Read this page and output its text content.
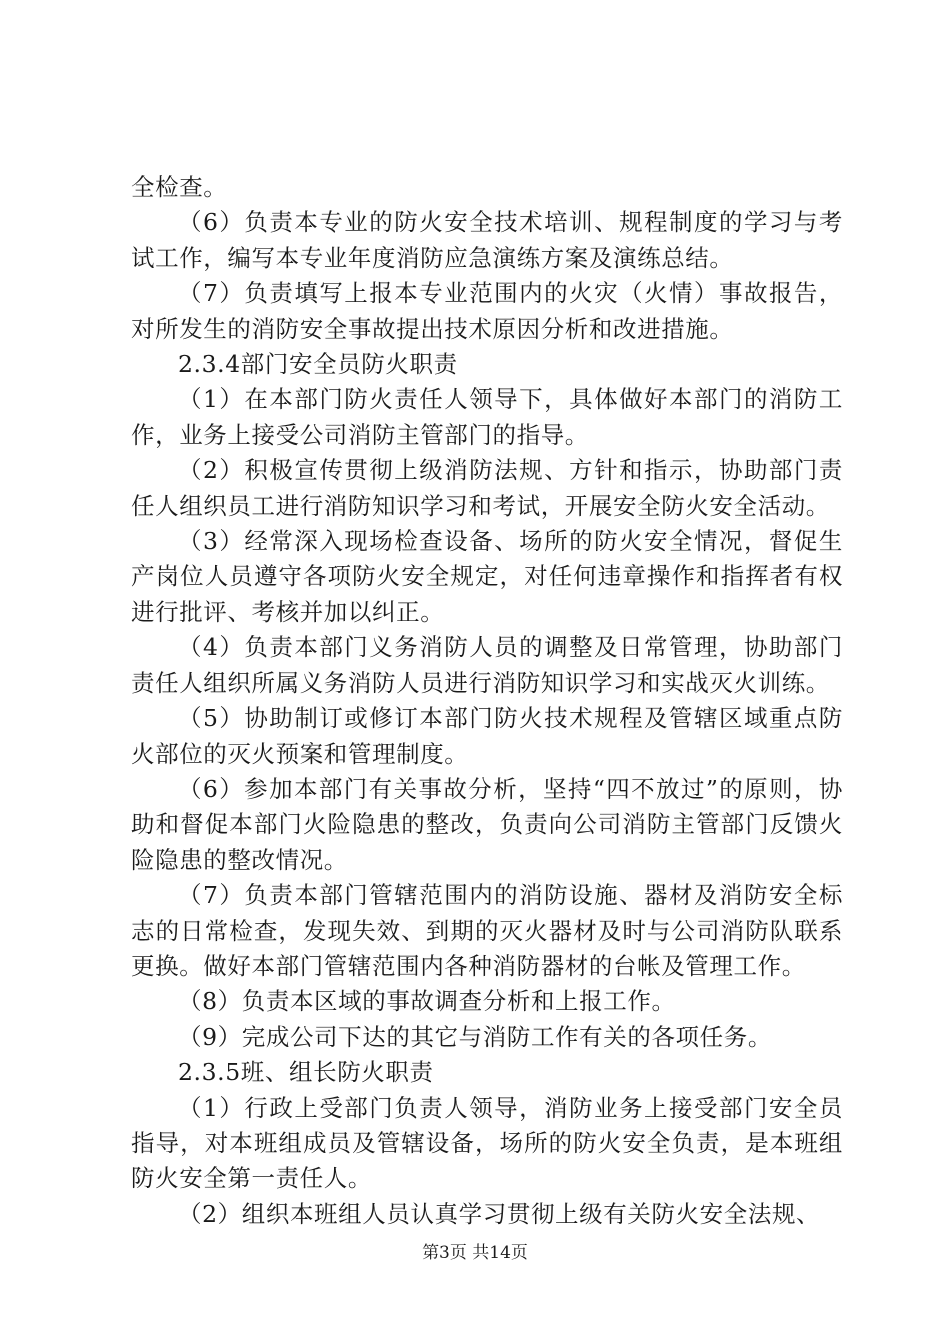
全检查。

（6）负责本专业的防火安全技术培训、规程制度的学习与考试工作，编写本专业年度消防应急演练方案及演练总结。

（7）负责填写上报本专业范围内的火灾（火情）事故报告，对所发生的消防安全事故提出技术原因分析和改进措施。

2.3.4部门安全员防火职责

（1）在本部门防火责任人领导下，具体做好本部门的消防工作，业务上接受公司消防主管部门的指导。

（2）积极宣传贯彻上级消防法规、方针和指示，协助部门责任人组织员工进行消防知识学习和考试，开展安全防火安全活动。

（3）经常深入现场检查设备、场所的防火安全情况，督促生产岗位人员遵守各项防火安全规定，对任何违章操作和指挥者有权进行批评、考核并加以纠正。

（4）负责本部门义务消防人员的调整及日常管理，协助部门责任人组织所属义务消防人员进行消防知识学习和实战灭火训练。

（5）协助制订或修订本部门防火技术规程及管辖区域重点防火部位的灭火预案和管理制度。

（6）参加本部门有关事故分析，坚持“四不放过”的原则，协助和督促本部门火险隐患的整改，负责向公司消防主管部门反馈火险隐患的整改情况。

（7）负责本部门管辖范围内的消防设施、器材及消防安全标志的日常检查，发现失效、到期的灭火器材及时与公司消防队联系更换。做好本部门管辖范围内各种消防器材的台帐及管理工作。

（8）负责本区域的事故调查分析和上报工作。

（9）完成公司下达的其它与消防工作有关的各项任务。

2.3.5班、组长防火职责

（1）行政上受部门负责人领导，消防业务上接受部门安全员指导，对本班组成员及管辖设备，场所的防火安全负责，是本班组防火安全第一责任人。

（2）组织本班组人员认真学习贯彻上级有关防火安全法规、

第3页 共14页
